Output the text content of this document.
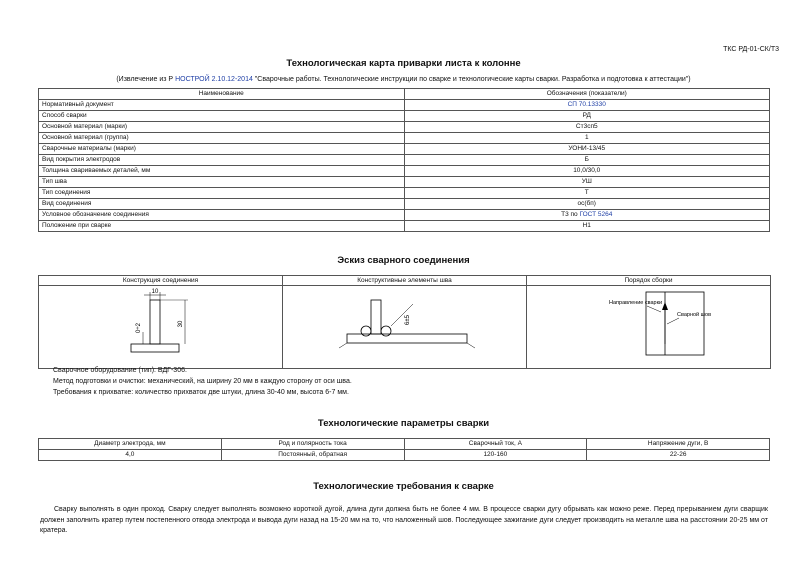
ТКС РД-01-СК/Т3
Технологическая карта приварки листа к колонне
(Извлечение из Р НОСТРОЙ 2.10.12-2014 "Сварочные работы. Технологические инструкции по сварке и технологические карты сварки. Разработка и подготовка к аттестации")
Наименование	Обозначения (показатели)
Нормативный документ	СП 70.13330
Способ сварки	РД
Основной материал (марки)	Ст3сп5
Основной материал (группа)	1
Сварочные материалы (марки)	УОНИ-13/45
Вид покрытия электродов	Б
Толщина свариваемых деталей, мм	10,0/30,0
Тип шва	УШ
Тип соединения	Т
Вид соединения	ос(бп)
Условное обозначение соединения	Т3 по ГОСТ 5264
Положение при сварке	Н1
Эскиз сварного соединения
Конструкция соединения	Конструктивные элементы шва	Порядок сборки

10
0÷2 30	6±5	Направление сварки
Сварной шов
Сварочное оборудование (тип): ВДГ-306.
Метод подготовки и очистки: механический, на ширину 20 мм в каждую сторону от оси шва.
Требования к прихватке: количество прихваток две штуки, длина 30-40 мм, высота 6-7 мм.
Технологические параметры сварки
Диаметр электрода, мм	Род и полярность тока	Сварочный ток, А	Напряжение дуги, В
4,0	Постоянный, обратная	120-160	22-26
Технологические требования к сварке
Сварку выполнять в один проход. Сварку следует выполнять возможно короткой дугой, длина дуги должна быть не более 4 мм. В процессе сварки дугу обрывать как можно реже. Перед прерыванием дуги сварщик должен заполнить кратер путем постепенного отвода электрода и вывода дуги назад на 15-20 мм на то, что наложенный шов. Последующее зажигание дуги следует производить на металле шва на расстоянии 20-25 мм от кратера.
